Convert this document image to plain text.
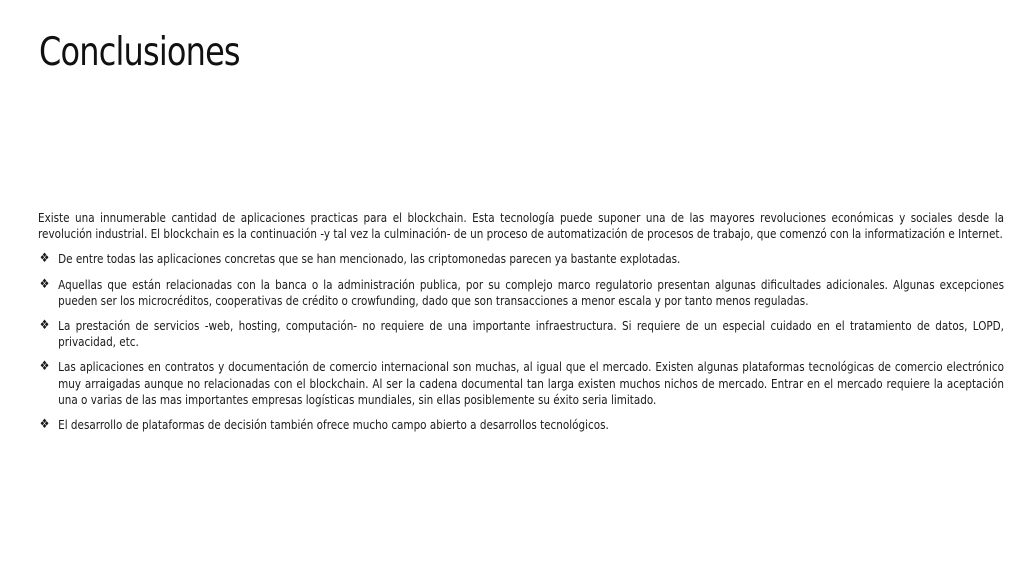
Conclusiones

Existe una innumerable cantidad de aplicaciones practicas para el blockchain. Esta tecnología puede suponer una de las mayores revoluciones económicas y sociales desde la revolución industrial. El blockchain es la continuación -y tal vez la culminación- de un proceso de automatización de procesos de trabajo, que comenzó con la informatización e Internet.

❖ De entre todas las aplicaciones concretas que se han mencionado, las criptomonedas parecen ya bastante explotadas.
❖ Aquellas que están relacionadas con la banca o la administración publica, por su complejo marco regulatorio presentan algunas dificultades adicionales. Algunas excepciones pueden ser los microcréditos, cooperativas de crédito o crowfunding, dado que son transacciones a menor escala y por tanto menos reguladas.
❖ La prestación de servicios -web, hosting, computación- no requiere de una importante infraestructura. Si requiere de un especial cuidado en el tratamiento de datos, LOPD, privacidad, etc.
❖ Las aplicaciones en contratos y documentación de comercio internacional son muchas, al igual que el mercado. Existen algunas plataformas tecnológicas de comercio electrónico muy arraigadas aunque no relacionadas con el blockchain. Al ser la cadena documental tan larga existen muchos nichos de mercado. Entrar en el mercado requiere la aceptación una o varias de las mas importantes empresas logísticas mundiales, sin ellas posiblemente su éxito seria limitado.
❖ El desarrollo de plataformas de decisión también ofrece mucho campo abierto a desarrollos tecnológicos.
